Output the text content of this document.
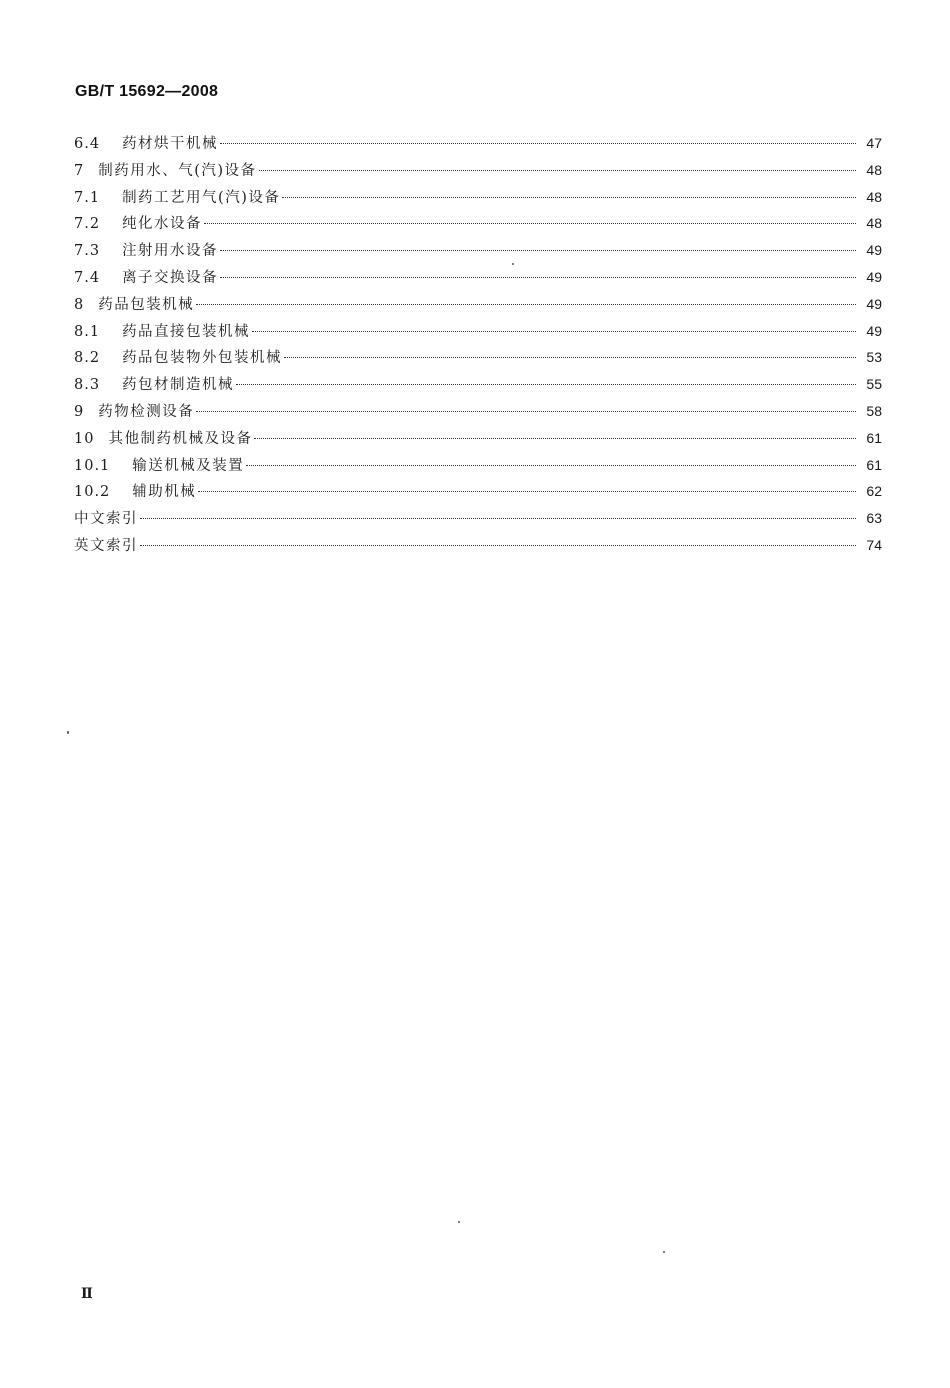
GB/T 15692—2008
6.4 药材烘干机械	47
7 制药用水、气(汽)设备	48
7.1 制药工艺用气(汽)设备	48
7.2 纯化水设备	48
7.3 注射用水设备	49
7.4 离子交换设备	49
8 药品包装机械	49
8.1 药品直接包装机械	49
8.2 药品包装物外包装机械	53
8.3 药包材制造机械	55
9 药物检测设备	58
10 其他制药机械及设备	61
10.1 输送机械及装置	61
10.2 辅助机械	62
中文索引	63
英文索引	74
Ⅱ
